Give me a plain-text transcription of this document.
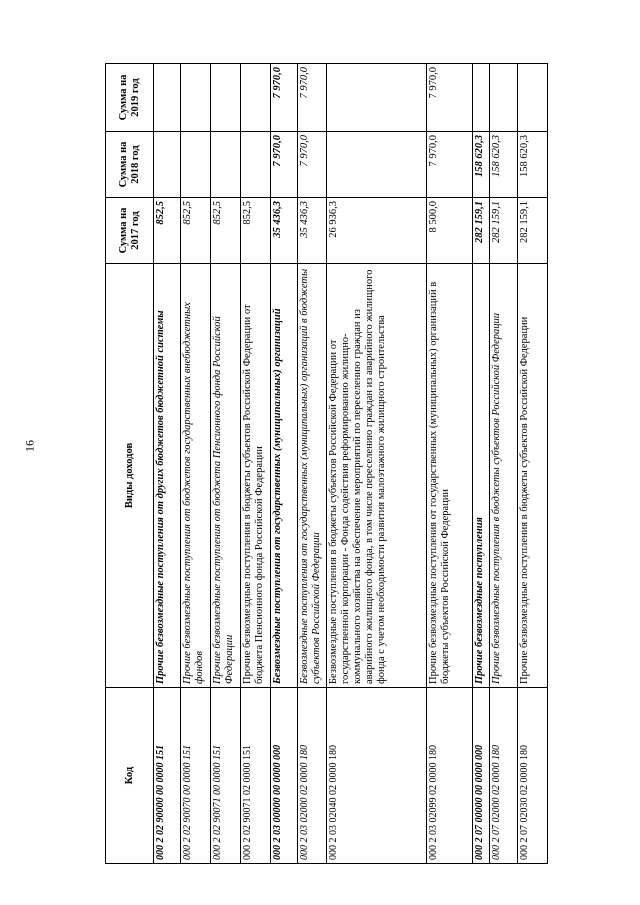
16
Код	Виды доходов	Сумма на 2017 год	Сумма на 2018 год	Сумма на 2019 год
000 2 02 90000 00 0000 151	Прочие безвозмездные поступления от других бюджетов бюджетной системы	852,5		
000 2 02 90070 00 0000 151	Прочие безвозмездные поступления от бюджетов государственных внебюджетных фондов	852,5		
000 2 02 90071 00 0000 151	Прочие безвозмездные поступления от бюджета Пенсионного фонда Российской Федерации	852,5		
000 2 02 90071 02 0000 151	Прочие безвозмездные поступления в бюджеты субъектов Российской Федерации от бюджета Пенсионного фонда Российской Федерации	852,5		
000 2 03 00000 00 0000 000	Безвозмездные поступления от государственных (муниципальных) организаций	35 436,3	7 970,0	7 970,0
000 2 03 02000 02 0000 180	Безвозмездные поступления от государственных (муниципальных) организаций в бюджеты субъектов Российской Федерации	35 436,3	7 970,0	7 970,0
000 2 03 02040 02 0000 180	Безвозмездные поступления в бюджеты субъектов Российской Федерации от государственной корпорации - Фонда содействия реформированию жилищно-коммунального хозяйства на обеспечение мероприятий по переселению граждан из аварийного жилищного фонда, в том числе переселению граждан из аварийного жилищного фонда с учетом необходимости развития малоэтажного жилищного строительства	26 936,3		
000 2 03 02099 02 0000 180	Прочие безвозмездные поступления от государственных (муниципальных) организаций в бюджеты субъектов Российской Федерации	8 500,0	7 970,0	7 970,0
000 2 07 00000 00 0000 000	Прочие безвозмездные поступления	282 159,1	158 620,3	
000 2 07 02000 02 0000 180	Прочие безвозмездные поступления в бюджеты субъектов Российской Федерации	282 159,1	158 620,3	
000 2 07 02030 02 0000 180	Прочие безвозмездные поступления в бюджеты субъектов Российской Федерации	282 159,1	158 620,3	
